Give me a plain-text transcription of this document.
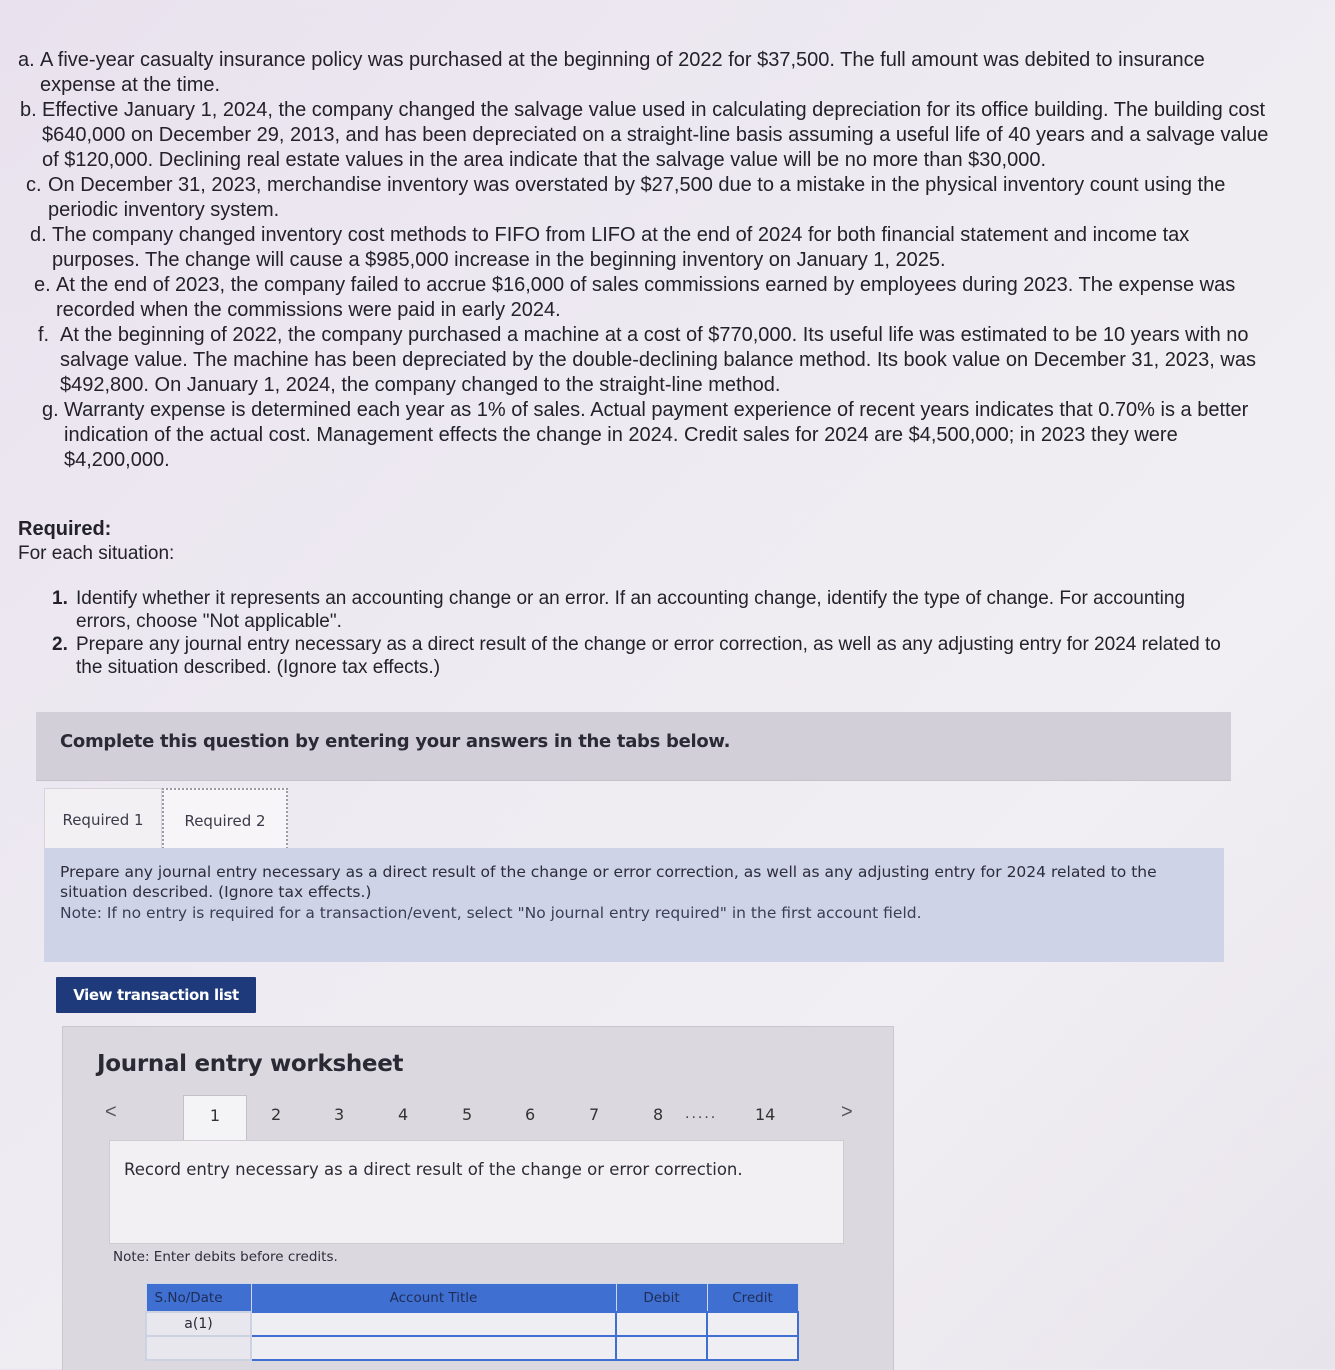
a. A five-year casualty insurance policy was purchased at the beginning of 2022 for $37,500. The full amount was debited to insurance expense at the time.
b. Effective January 1, 2024, the company changed the salvage value used in calculating depreciation for its office building. The building cost $640,000 on December 29, 2013, and has been depreciated on a straight-line basis assuming a useful life of 40 years and a salvage value of $120,000. Declining real estate values in the area indicate that the salvage value will be no more than $30,000.
c. On December 31, 2023, merchandise inventory was overstated by $27,500 due to a mistake in the physical inventory count using the periodic inventory system.
d. The company changed inventory cost methods to FIFO from LIFO at the end of 2024 for both financial statement and income tax purposes. The change will cause a $985,000 increase in the beginning inventory on January 1, 2025.
e. At the end of 2023, the company failed to accrue $16,000 of sales commissions earned by employees during 2023. The expense was recorded when the commissions were paid in early 2024.
f. At the beginning of 2022, the company purchased a machine at a cost of $770,000. Its useful life was estimated to be 10 years with no salvage value. The machine has been depreciated by the double-declining balance method. Its book value on December 31, 2023, was $492,800. On January 1, 2024, the company changed to the straight-line method.
g. Warranty expense is determined each year as 1% of sales. Actual payment experience of recent years indicates that 0.70% is a better indication of the actual cost. Management effects the change in 2024. Credit sales for 2024 are $4,500,000; in 2023 they were $4,200,000.
Required:
For each situation:
1. Identify whether it represents an accounting change or an error. If an accounting change, identify the type of change. For accounting errors, choose "Not applicable".
2. Prepare any journal entry necessary as a direct result of the change or error correction, as well as any adjusting entry for 2024 related to the situation described. (Ignore tax effects.)
Complete this question by entering your answers in the tabs below.
Required 1	Required 2
Prepare any journal entry necessary as a direct result of the change or error correction, as well as any adjusting entry for 2024 related to the situation described. (Ignore tax effects.)
Note: If no entry is required for a transaction/event, select "No journal entry required" in the first account field.
View transaction list
Journal entry worksheet
<	1	2	3	4	5	6	7	8 ..... 14	>
Record entry necessary as a direct result of the change or error correction.
Note: Enter debits before credits.
S.No/Date	Account Title	Debit	Credit
a(1)			
